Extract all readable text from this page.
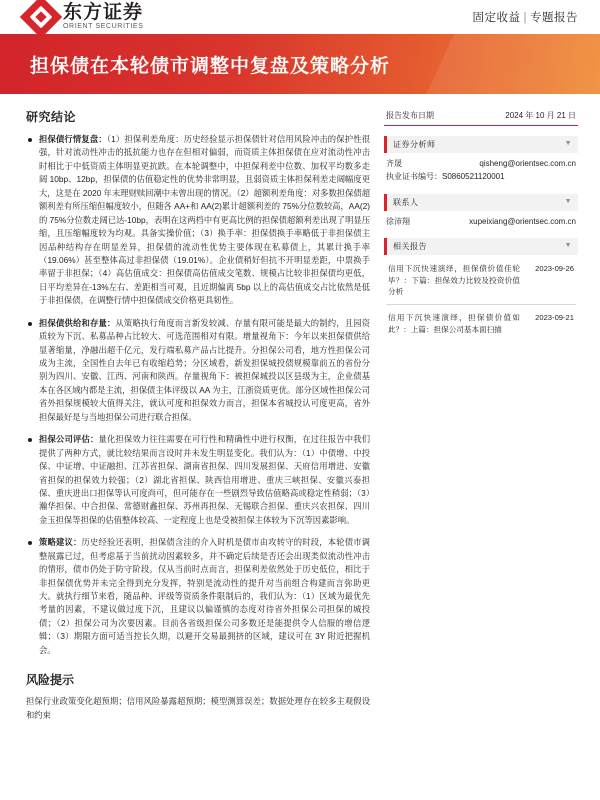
东方证券
ORIENT SECURITIES
固定收益 | 专题报告
担保债在本轮债市调整中复盘及策略分析
研究结论
担保债行情复盘：（1）担保利差角度：历史经验显示担保债针对信用风险冲击的保护性很强，针对流动性冲击的抵抗能力也存在但相对偏弱，而资质主体担保债在应对流动性冲击时相比于中低资质主体明显更抗跌。在本轮调整中，中担保利差中位数、加权平均数多走阔 10bp、12bp，担保债的估值稳定性的优势非常明显，且弱资质主体担保利差走阔幅度更大，这是在 2020 年末理财赎回潮中未曾出现的情况。（2）超额利差角度：对多数担保债超额利差有所压缩但幅度较小，但随各 AA+和 AA(2)累计超额利差的 75%分位数较高，AA(2)的 75%分位数走阔已达-10bp，表明在这两档中有更高比例的担保债超额利差出现了明显压缩，且压缩幅度较为均观。具备实操价值；（3）换手率：担保债换手率略低于非担保债主因品种结构存在明显差异，担保债的流动性优势主要体现在私募债上，其累计换手率（19.06%）甚至整体高过非担保债（19.01%）。企业债稍好但抗不开明显差距，中票换手率留于非担保；（4）高估值成交：担保债高估值成交笔数、规模占比较非担保债均更低，日平均差异在-13%左右、差距相当可观，且近期偏离 5bp 以上的高估值成交占比依然是低于非担保债，在调整行情中担保债成交价格更具韧性。
担保债供给和存量：从策略执行角度而言新发较减、存量有限可能是最大的制约，且园资质较为下沉、私募品种占比较大、可选范围相对有限。增量视角下：今年以来担保债供给显著缩量，净融出超千亿元，发行端私募产品占比提升。分担保公司看，地方性担保公司成为主流，全国性自去年已有收缩趋势；分区域看，新发担保城投债规模靠前五的省份分别为四川、安徽、江西、河南和陕西。存量视角下：被担保城投以区县级为主，企业债基本在各区域内都是主流，担保债主体评级以 AA 为主，江浙资质更优。部分区域性担保公司省外担保规模较大值得关注，就认可度和担保效力而言，担保本省城投认可度更高，省外担保最好是与当地担保公司进行联合担保。
担保公司评估：量化担保效力往往需要在可行性和精确性中进行权衡，在过往报告中我们提供了两种方式，就比较结果而言设时并未发生明显变化。我们认为：（1）中债增、中投保、中证增、中证融担、江苏省担保、湖南省担保、四川发展担保、天府信用增进、安徽省担保的担保效力较强；（2）湖北省担保、陕西信用增进、重庆三峡担保、安徽兴泰担保、重庆进出口担保等认可度尚可，但可能存在一些剧烈导致估值略高或稳定性稍弱；（3）瀚华担保、中合担保、常德财鑫担保、苏州再担保、无锡联合担保、重庆兴农担保、四川金玉担保等担保的估值整体较高、一定程度上也是受被担保主体较为下沉等因素影响。
策略建议：历史经验还表明，担保债含洼的介入时机是债市由攻转守的时段，本轮债市调整展露已过，但考虑基于当前扰动因素较多，并不确定后续是否还会出现类似流动性冲击的情形，债市仍处于防守阶段。仅从当前时点而言，担保利差依然处于历史低位，相比于非担保债优势并未完全得到充分发挥，特别是流动性的提升对当前组合构建而言弥助更大。就执行细节来看，随品种、评级等资质条件限制后的，我们认为：（1）区域为最优先考量的因素，不建议做过度下沉，且建议以偏谨慎的态度对待省外担保公司担保的城投债；（2）担保公司为次要因素。目前各省级担保公司多数还是能提供令人信服的增信逻辑；（3）期限方面可适当控长久期，以避开交易最拥挤的区域，建议可在 3Y 附近把握机会。
风险提示
担保行业政策变化超预期；信用风险暴露超预期；模型测算误差；数据处理存在较多主观假设和约束
报告发布日期	2024 年 10 月 21 日
证券分析师	▼
齐晟	qisheng@orientsec.com.cn
执业证书编号：S0860521120001
联系人	▼
徐沛翔	xupeixiang@orientsec.com.cn
相关报告	▼
信用下沉快速演绎，担保债价值佳轮毕？：下篇：担保效力比较及投资价值分析
2023-09-26
信用下沉快速演绎，担保债价值如此？：上篇：担保公司基本面扫描
2023-09-21
